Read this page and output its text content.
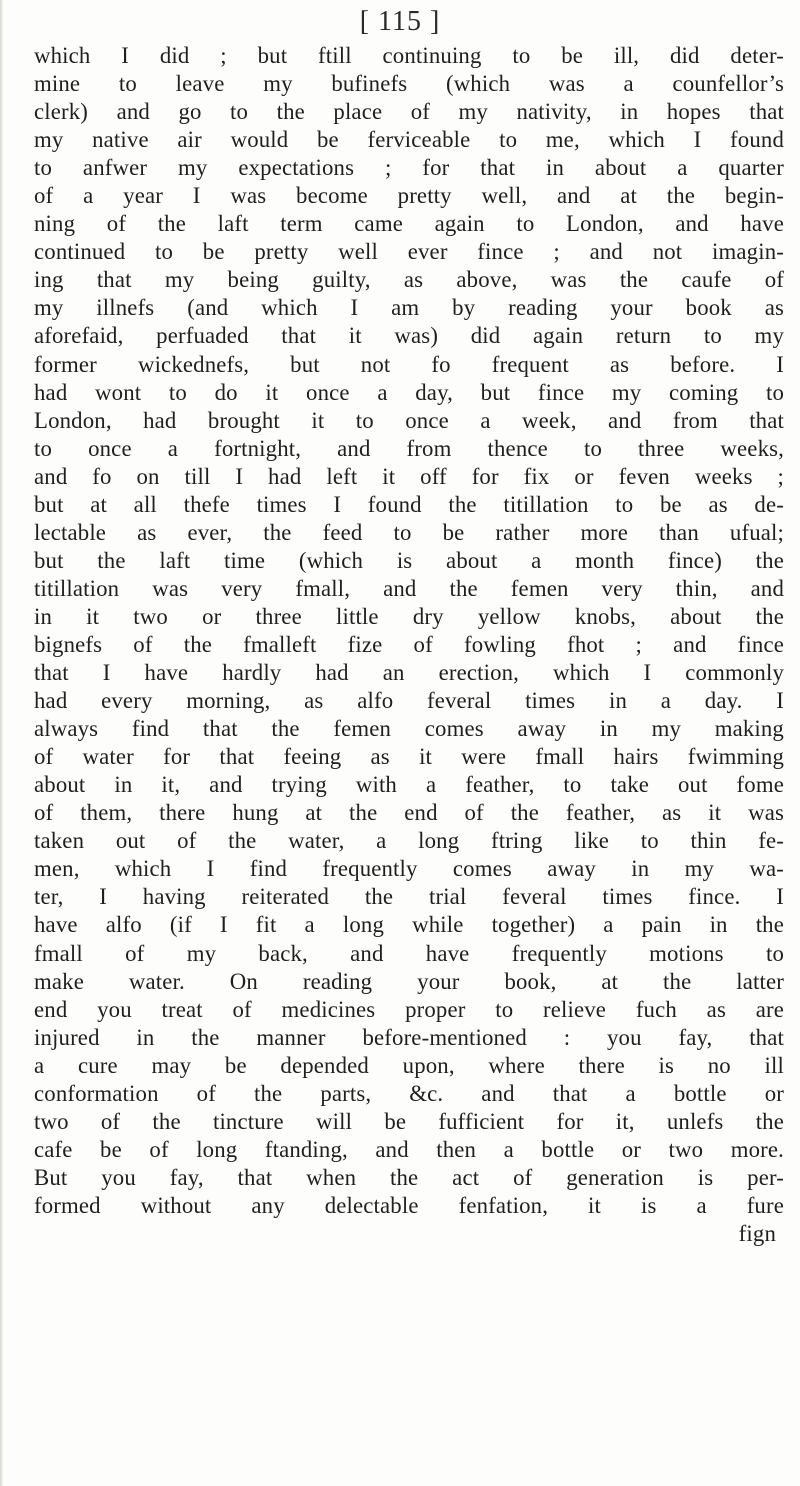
[ 115 ]
which I did ; but ftill continuing to be ill, did deter-
mine to leave my bufinefs (which was a counfellor’s
clerk) and go to the place of my nativity, in hopes that
my native air would be ferviceable to me, which I found
to anfwer my expectations ; for that in about a quarter
of a year I was become pretty well, and at the begin-
ning of the laft term came again to London, and have
continued to be pretty well ever fince ; and not imagin-
ing that my being guilty, as above, was the caufe of
my illnefs (and which I am by reading your book as
aforefaid, perfuaded that it was) did again return to my
former wickednefs, but not fo frequent as before. I
had wont to do it once a day, but fince my coming to
London, had brought it to once a week, and from that
to once a fortnight, and from thence to three weeks,
and fo on till I had left it off for fix or feven weeks ;
but at all thefe times I found the titillation to be as de-
lectable as ever, the feed to be rather more than ufual;
but the laft time (which is about a month fince) the
titillation was very fmall, and the femen very thin, and
in it two or three little dry yellow knobs, about the
bignefs of the fmalleft fize of fowling fhot ; and fince
that I have hardly had an erection, which I commonly
had every morning, as alfo feveral times in a day. I
always find that the femen comes away in my making
of water for that feeing as it were fmall hairs fwimming
about in it, and trying with a feather, to take out fome
of them, there hung at the end of the feather, as it was
taken out of the water, a long ftring like to thin fe-
men, which I find frequently comes away in my wa-
ter, I having reiterated the trial feveral times fince. I
have alfo (if I fit a long while together) a pain in the
fmall of my back, and have frequently motions to
make water. On reading your book, at the latter
end you treat of medicines proper to relieve fuch as are
injured in the manner before-mentioned : you fay, that
a cure may be depended upon, where there is no ill
conformation of the parts, &c. and that a bottle or
two of the tincture will be fufficient for it, unlefs the
cafe be of long ftanding, and then a bottle or two more.
But you fay, that when the act of generation is per-
formed without any delectable fenfation, it is a fure
fign
